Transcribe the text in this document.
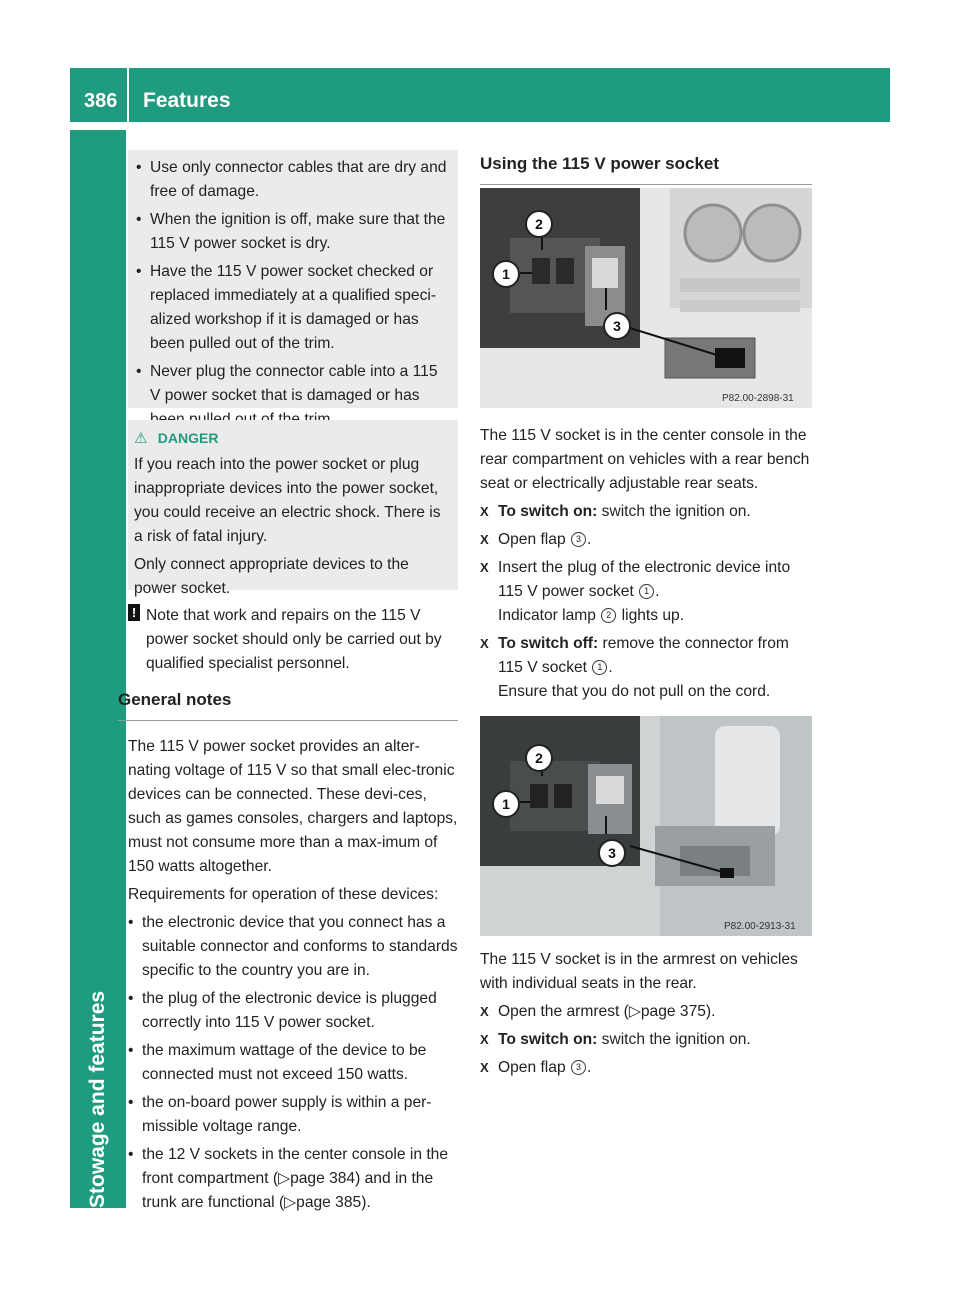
386 Features
Stowage and features
• Use only connector cables that are dry and free of damage.
• When the ignition is off, make sure that the 115 V power socket is dry.
• Have the 115 V power socket checked or replaced immediately at a qualified speci-alized workshop if it is damaged or has been pulled out of the trim.
• Never plug the connector cable into a 115 V power socket that is damaged or has
⚠ DANGER

If you reach into the power socket or plug inappropriate devices into the power socket, you could receive an electric shock. There is a risk of fatal injury.

Only connect appropriate devices to the power socket.

! Note that work and repairs on the 115 V power socket should only be carried out by qualified specialist personnel.
General notes

The 115 V power socket provides an alter-nating voltage of 115 V so that small elec-tronic devices can be connected. These devi-ces, such as games consoles, chargers and laptops, must not consume more than a max-imum of 150 watts altogether.

Requirements for operation of these devices:

• the electronic device that you connect has a suitable connector and conforms to standards specific to the country you are in.
• the plug of the electronic device is plugged correctly into 115 V power socket.
• the maximum wattage of the device to be connected must not exceed 150 watts.
• the on-board power supply is within a per-missible voltage range.
• the 12 V sockets in the center console in the front compartment (▷page 384) and in the trunk are functional (▷page 385).
Using the 115 V power socket
2
1
3
P82.00-2898-31

The 115 V socket is in the center console in the rear compartment on vehicles with a rear bench seat or electrically adjustable rear seats.

X To switch on: switch the ignition on.
X Open flap 3 .
X Insert the plug of the electronic device into 115 V power socket 1 .
Indicator lamp 2 lights up.
X To switch off: remove the connector from 115 V socket 1 .
Ensure that you do not pull on the cord.
2
1
3
P82.00-2913-31

The 115 V socket is in the armrest on vehicles with individual seats in the rear.

X Open the armrest (▷page 375).
X To switch on: switch the ignition on.
X Open flap 3 .
